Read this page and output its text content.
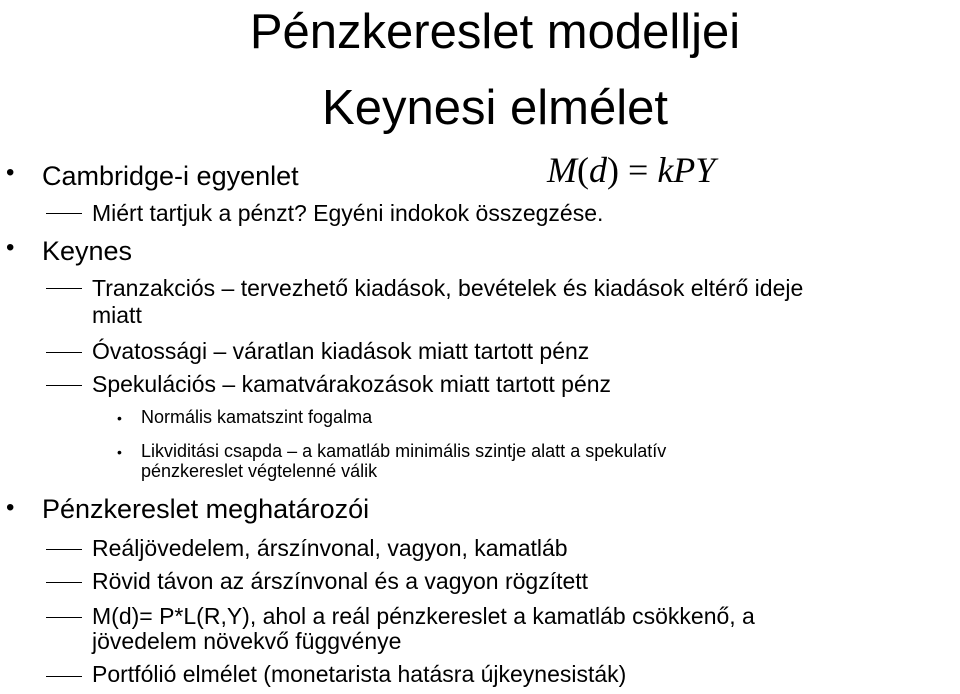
Pénzkereslet modelljei
Keynesi elmélet
M(d) = kPY
• Cambridge-i egyenlet
Miért tartjuk a pénzt? Egyéni indokok összegzése.
• Keynes
Tranzakciós – tervezhető kiadások, bevételek és kiadások eltérő ideje
miatt
Óvatossági – váratlan kiadások miatt tartott pénz
Spekulációs – kamatvárakozások miatt tartott pénz
• Normális kamatszint fogalma
• Likviditási csapda – a kamatláb minimális szintje alatt a spekulatív
pénzkereslet végtelenné válik
• Pénzkereslet meghatározói
Reáljövedelem, árszínvonal, vagyon, kamatláb
Rövid távon az árszínvonal és a vagyon rögzített
M(d)= P*L(R,Y), ahol a reál pénzkereslet a kamatláb csökkenő, a
jövedelem növekvő függvénye
Portfólió elmélet (monetarista hatásra újkeynesisták)
